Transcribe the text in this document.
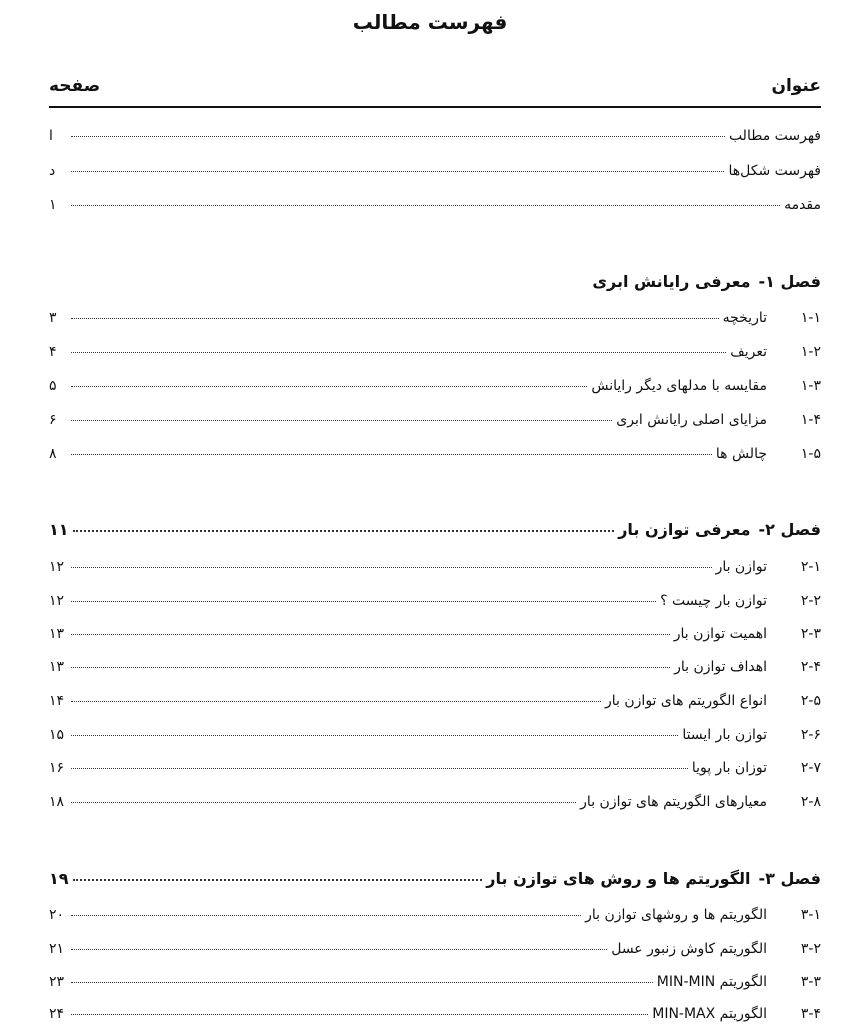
فهرست مطالب
عنوان
صفحه
فهرست مطالب
ا
فهرست شکل‌ها
د
مقدمه
۱
فصل ۱-
معرفی رایانش ابری
۱-۱
تاریخچه
۳
۱-۲
تعریف
۴
۱-۳
مقایسه با مدلهای دیگر رایانش
۵
۱-۴
مزایای اصلی رایانش ابری
۶
۱-۵
چالش ها
۸
فصل ۲-
معرفی توازن بار
۱۱
۲-۱
توازن بار
۱۲
۲-۲
توازن بار چیست ؟
۱۲
۲-۳
اهمیت توازن بار
۱۳
۲-۴
اهداف توازن بار
۱۳
۲-۵
انواع الگوریتم های توازن بار
۱۴
۲-۶
توازن بار ایستا
۱۵
۲-۷
توزان بار پویا
۱۶
۲-۸
معیارهای الگوریتم های توازن بار
۱۸
فصل ۳-
الگوریتم ها و روش های توازن بار
۱۹
۳-۱
الگوریتم ها و روشهای توازن بار
۲۰
۳-۲
الگوریتم کاوش زنبور عسل
۲۱
۳-۳
الگوریتم MIN-MIN
۲۳
۳-۴
الگوریتم MIN-MAX
۲۴
